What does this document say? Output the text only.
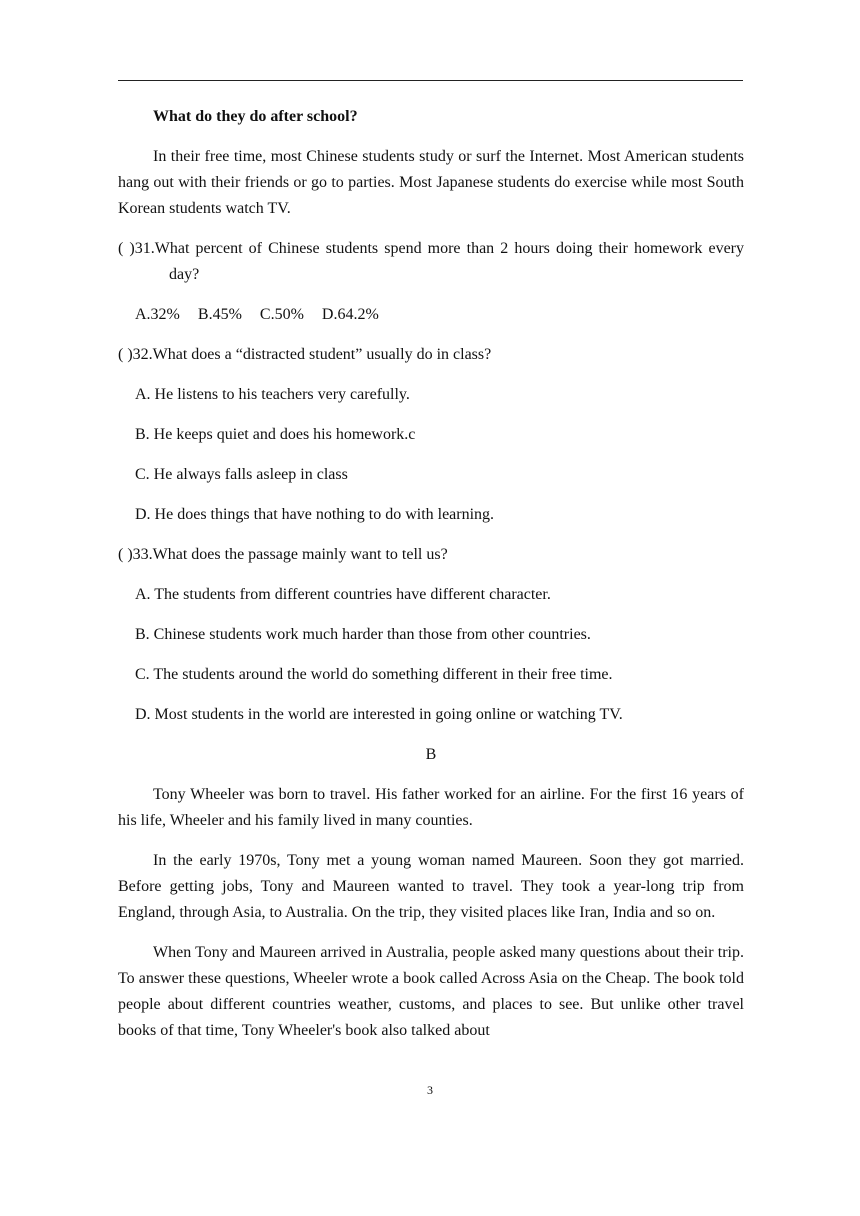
What do they do after school?
In their free time, most Chinese students study or surf the Internet. Most American students hang out with their friends or go to parties. Most Japanese students do exercise while most South Korean students watch TV.
( )31.What percent of Chinese students spend more than 2 hours doing their homework every day?
A.32% B.45% C.50% D.64.2%
( )32.What does a “distracted student” usually do in class?
A. He listens to his teachers very carefully.
B. He keeps quiet and does his homework.c
C. He always falls asleep in class
D. He does things that have nothing to do with learning.
( )33.What does the passage mainly want to tell us?
A. The students from different countries have different character.
B. Chinese students work much harder than those from other countries.
C. The students around the world do something different in their free time.
D. Most students in the world are interested in going online or watching TV.
B
Tony Wheeler was born to travel. His father worked for an airline. For the first 16 years of his life, Wheeler and his family lived in many counties.
In the early 1970s, Tony met a young woman named Maureen. Soon they got married. Before getting jobs, Tony and Maureen wanted to travel. They took a year-long trip from England, through Asia, to Australia. On the trip, they visited places like Iran, India and so on.
When Tony and Maureen arrived in Australia, people asked many questions about their trip. To answer these questions, Wheeler wrote a book called Across Asia on the Cheap. The book told people about different countries weather, customs, and places to see. But unlike other travel books of that time, Tony Wheeler's book also talked about
3
